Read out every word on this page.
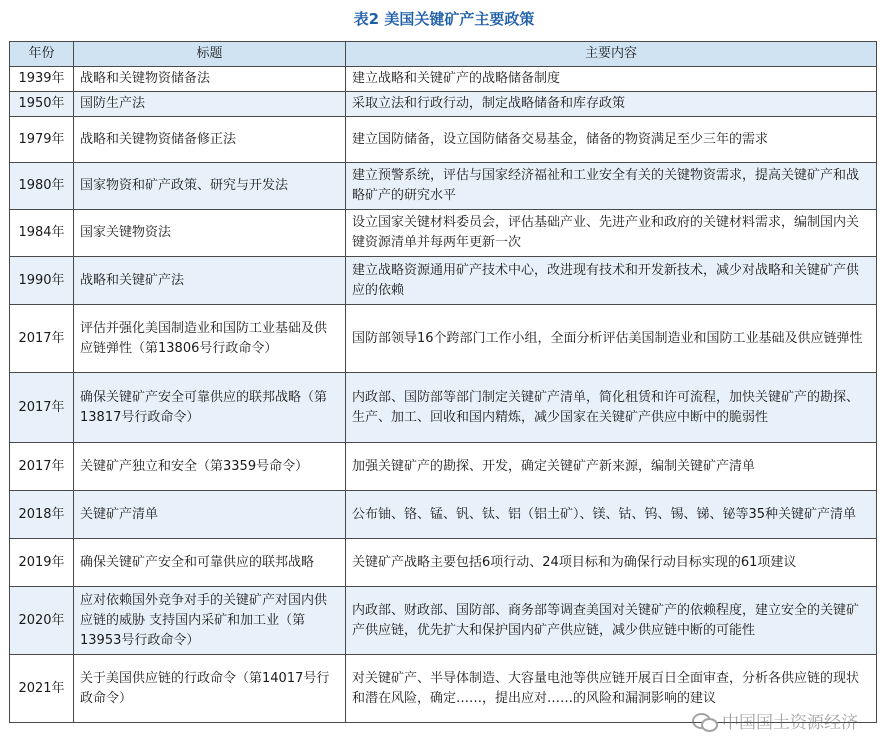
表2 美国关键矿产主要政策
年份	标题	主要内容
1939年	战略和关键物资储备法	建立战略和关键矿产的战略储备制度
1950年	国防生产法	采取立法和行政行动，制定战略储备和库存政策
1979年	战略和关键物资储备修正法	建立国防储备，设立国防储备交易基金，储备的物资满足至少三年的需求
1980年	国家物资和矿产政策、研究与开发法	建立预警系统，评估与国家经济福祉和工业安全有关的关键物资需求，提高关键矿产和战略矿产的研究水平
1984年	国家关键物资法	设立国家关键材料委员会，评估基础产业、先进产业和政府的关键材料需求，编制国内关键资源清单并每两年更新一次
1990年	战略和关键矿产法	建立战略资源通用矿产技术中心，改进现有技术和开发新技术，减少对战略和关键矿产供应的依赖
2017年	评估并强化美国制造业和国防工业基础及供应链弹性（第13806号行政命令）	国防部领导16个跨部门工作小组，全面分析评估美国制造业和国防工业基础及供应链弹性
2017年	确保关键矿产安全可靠供应的联邦战略（第13817号行政命令）	内政部、国防部等部门制定关键矿产清单，简化租赁和许可流程，加快关键矿产的勘探、生产、加工、回收和国内精炼，减少国家在关键矿产供应中断中的脆弱性
2017年	关键矿产独立和安全（第3359号命令）	加强关键矿产的勘探、开发，确定关键矿产新来源，编制关键矿产清单
2018年	关键矿产清单	公布铀、铬、锰、钒、钛、铝（铝土矿）、镁、钴、钨、锡、锑、铋等35种关键矿产清单
2019年	确保关键矿产安全和可靠供应的联邦战略	关键矿产战略主要包括6项行动、24项目标和为确保行动目标实现的61项建议
2020年	应对依赖国外竞争对手的关键矿产对国内供应链的威胁 支持国内采矿和加工业（第13953号行政命令）	内政部、财政部、国防部、商务部等调查美国对关键矿产的依赖程度，建立安全的关键矿产供应链，优先扩大和保护国内矿产供应链，减少供应链中断的可能性
2021年	关于美国供应链的行政命令（第14017号行政命令）	对关键矿产、半导体制造、大容量电池等供应链开展百日全面审查，分析各供应链的现状和潜在风险，确定……，提出应对……的风险和漏洞影响的建议
中国国土资源经济
